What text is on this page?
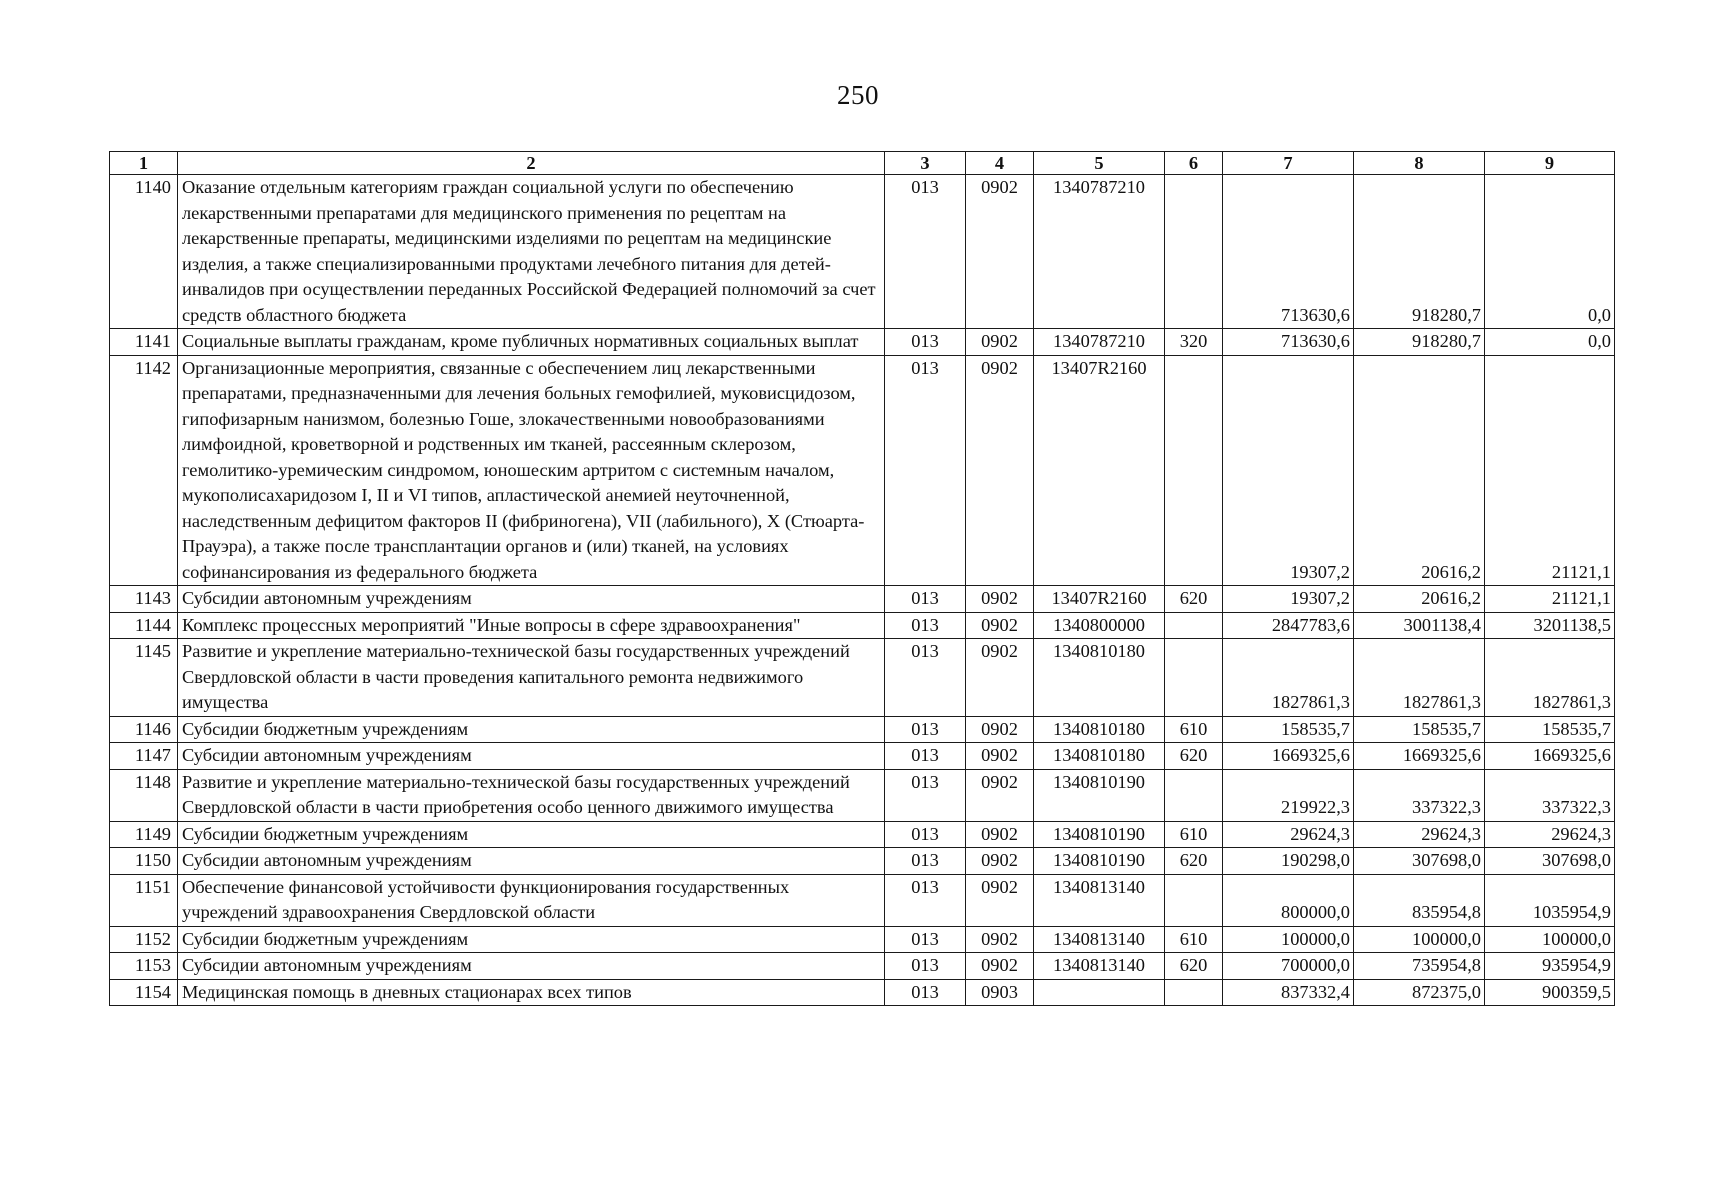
250
1	2	3	4	5	6	7	8	9
1140	Оказание отдельным категориям граждан социальной услуги по обеспечению лекарственными препаратами для медицинского применения по рецептам на лекарственные препараты, медицинскими изделиями по рецептам на медицинские изделия, а также специализированными продуктами лечебного питания для детей-инвалидов при осуществлении переданных Российской Федерацией полномочий за счет средств областного бюджета	013	0902	1340787210		713630,6	918280,7	0,0
1141	Социальные выплаты гражданам, кроме публичных нормативных социальных выплат	013	0902	1340787210	320	713630,6	918280,7	0,0
1142	Организационные мероприятия, связанные с обеспечением лиц лекарственными препаратами, предназначенными для лечения больных гемофилией, муковисцидозом, гипофизарным нанизмом, болезнью Гоше, злокачественными новообразованиями лимфоидной, кроветворной и родственных им тканей, рассеянным склерозом, гемолитико-уремическим синдромом, юношеским артритом с системным началом, мукополисахаридозом I, II и VI типов, апластической анемией неуточненной, наследственным дефицитом факторов II (фибриногена), VII (лабильного), X (Стюарта-Прауэра), а также после трансплантации органов и (или) тканей, на условиях софинансирования из федерального бюджета	013	0902	13407R2160		19307,2	20616,2	21121,1
1143	Субсидии автономным учреждениям	013	0902	13407R2160	620	19307,2	20616,2	21121,1
1144	Комплекс процессных мероприятий "Иные вопросы в сфере здравоохранения"	013	0902	1340800000		2847783,6	3001138,4	3201138,5
1145	Развитие и укрепление материально-технической базы государственных учреждений Свердловской области в части проведения капитального ремонта недвижимого имущества	013	0902	1340810180		1827861,3	1827861,3	1827861,3
1146	Субсидии бюджетным учреждениям	013	0902	1340810180	610	158535,7	158535,7	158535,7
1147	Субсидии автономным учреждениям	013	0902	1340810180	620	1669325,6	1669325,6	1669325,6
1148	Развитие и укрепление материально-технической базы государственных учреждений Свердловской области в части приобретения особо ценного движимого имущества	013	0902	1340810190		219922,3	337322,3	337322,3
1149	Субсидии бюджетным учреждениям	013	0902	1340810190	610	29624,3	29624,3	29624,3
1150	Субсидии автономным учреждениям	013	0902	1340810190	620	190298,0	307698,0	307698,0
1151	Обеспечение финансовой устойчивости функционирования государственных учреждений здравоохранения Свердловской области	013	0902	1340813140		800000,0	835954,8	1035954,9
1152	Субсидии бюджетным учреждениям	013	0902	1340813140	610	100000,0	100000,0	100000,0
1153	Субсидии автономным учреждениям	013	0902	1340813140	620	700000,0	735954,8	935954,9
1154	Медицинская помощь в дневных стационарах всех типов	013	0903			837332,4	872375,0	900359,5
